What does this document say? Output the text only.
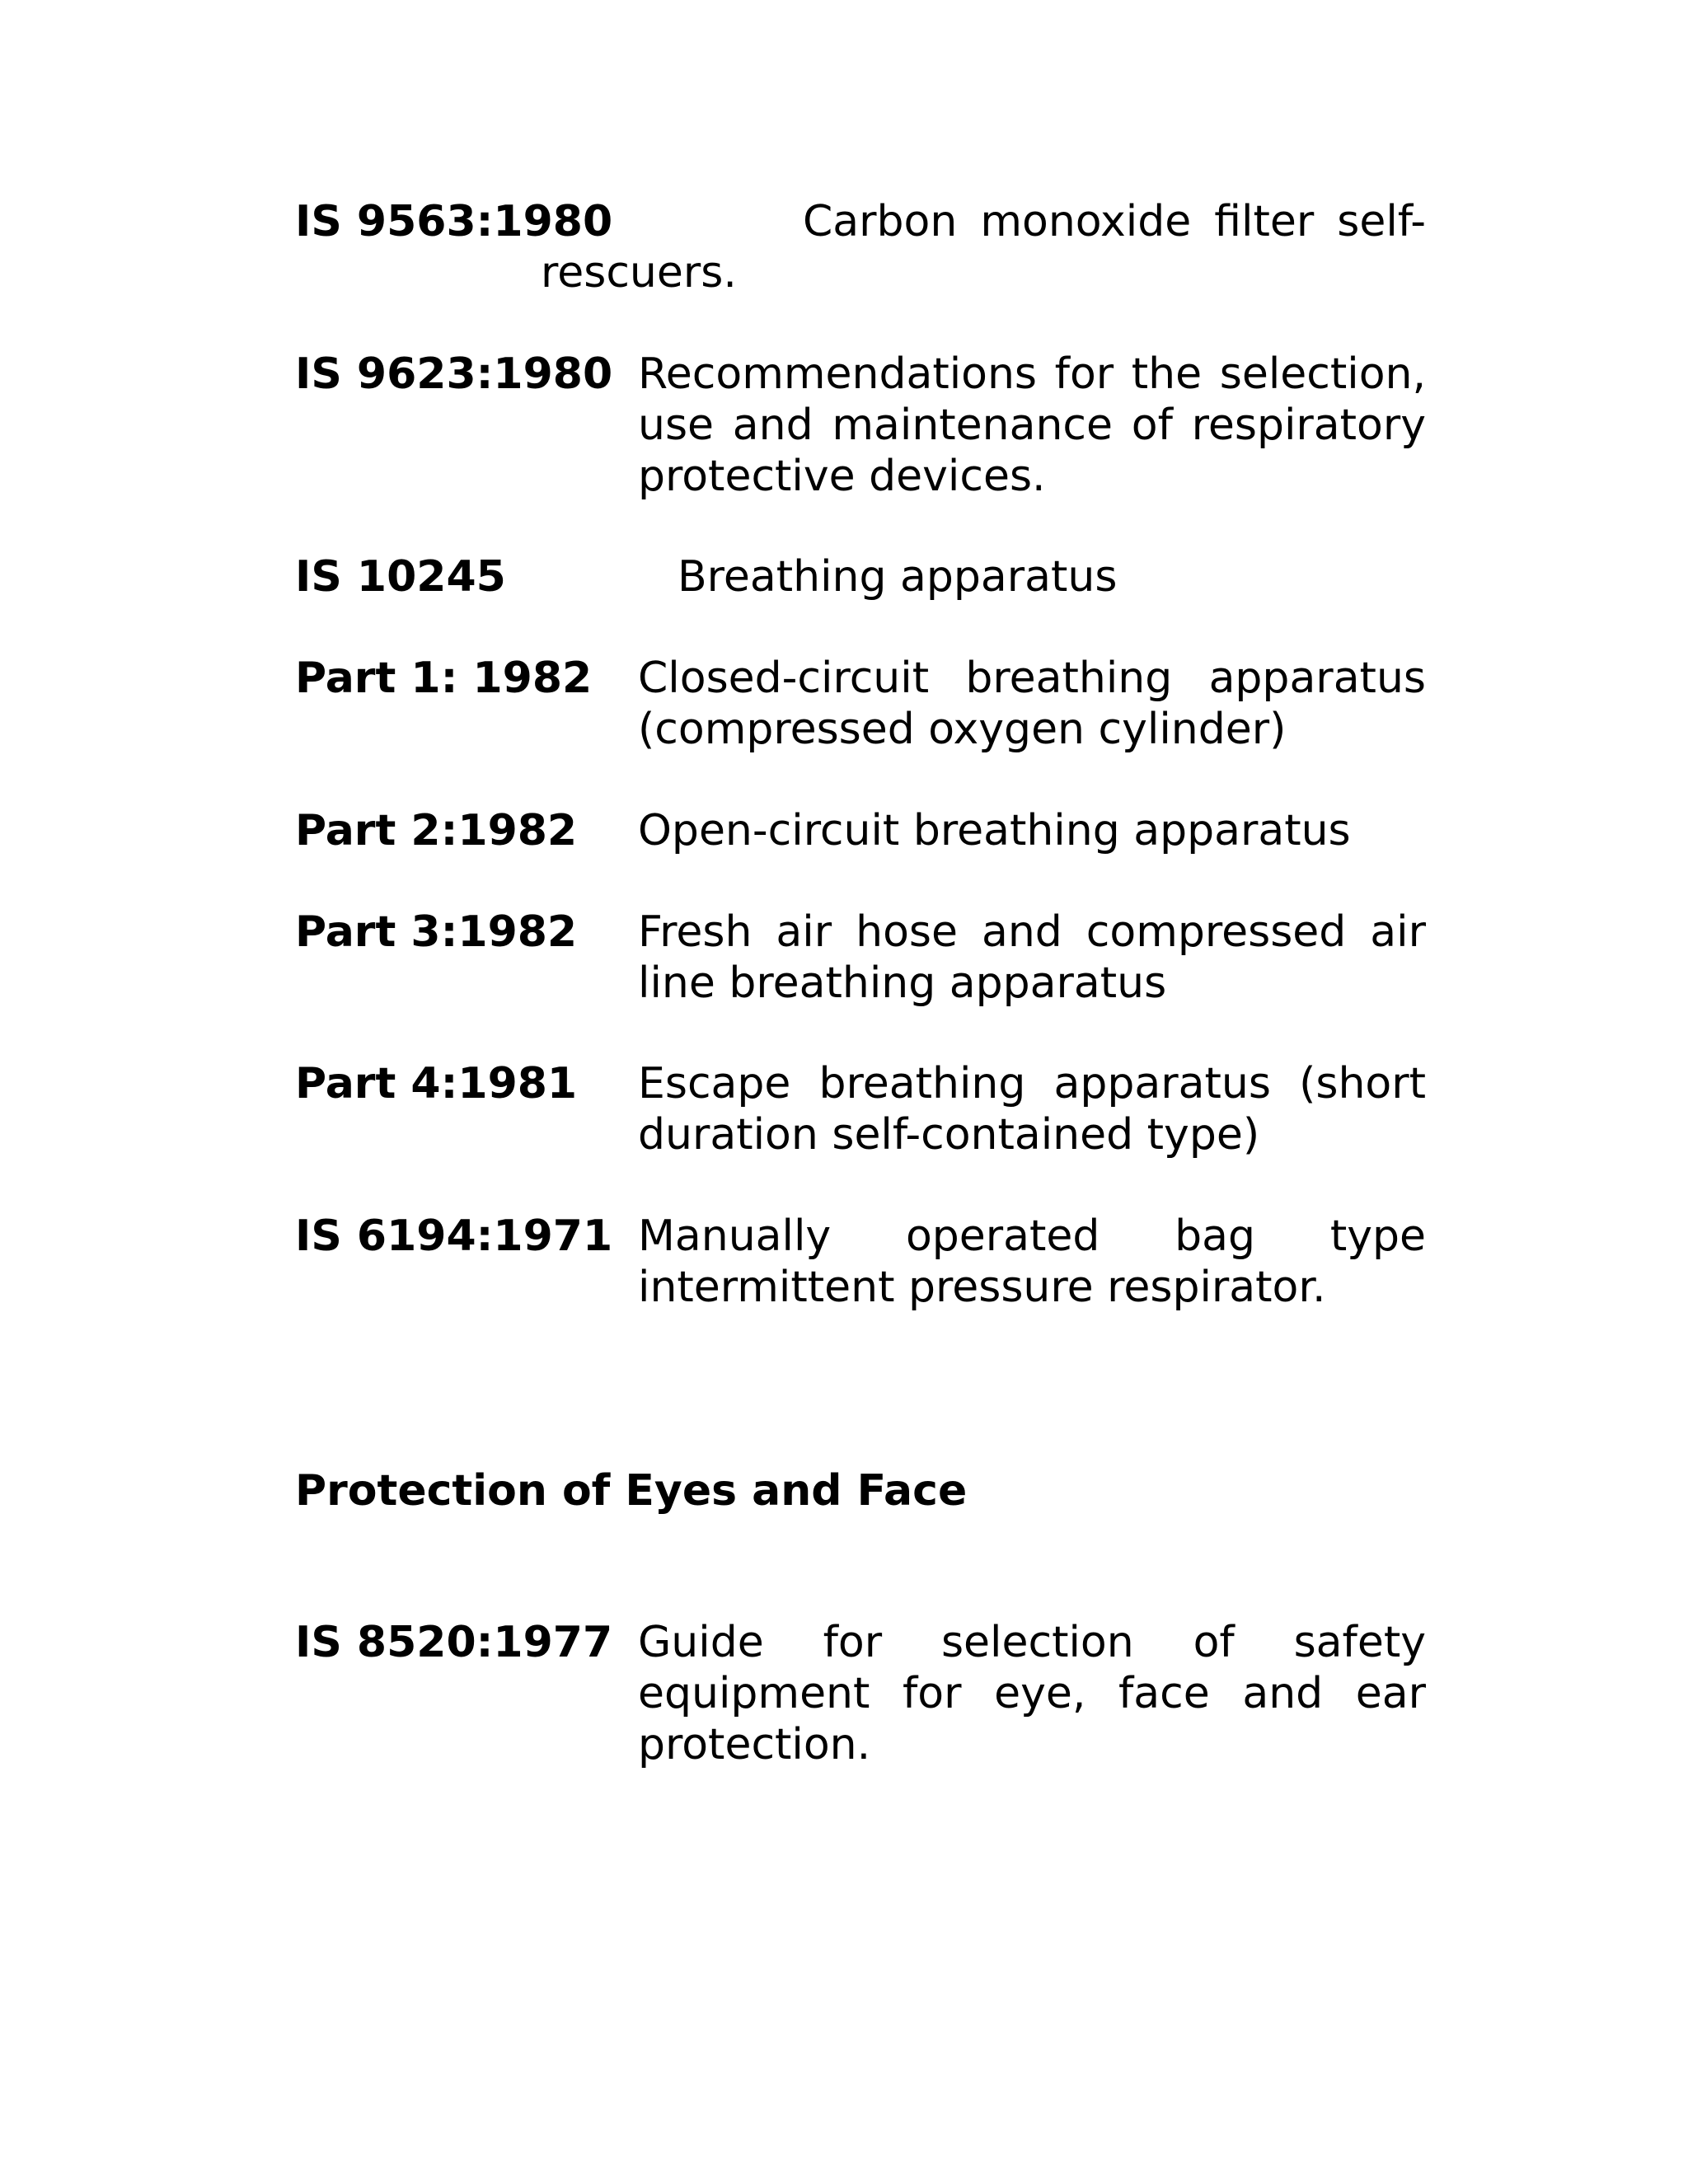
IS 9563:1980	Carbon monoxide filter self-
rescuers.
IS 9623:1980 Recommendations for the selection, use and maintenance of respiratory protective devices.
IS 10245	Breathing apparatus
Part 1: 1982 Closed-circuit breathing apparatus (compressed oxygen cylinder)
Part 2:1982 Open-circuit breathing apparatus
Part 3:1982 Fresh air hose and compressed air line breathing apparatus
Part 4:1981 Escape breathing apparatus (short duration self-contained type)
IS 6194:1971 Manually operated bag type intermittent pressure respirator.
Protection of Eyes and Face
IS 8520:1977 Guide for selection of safety equipment for eye, face and ear protection.
